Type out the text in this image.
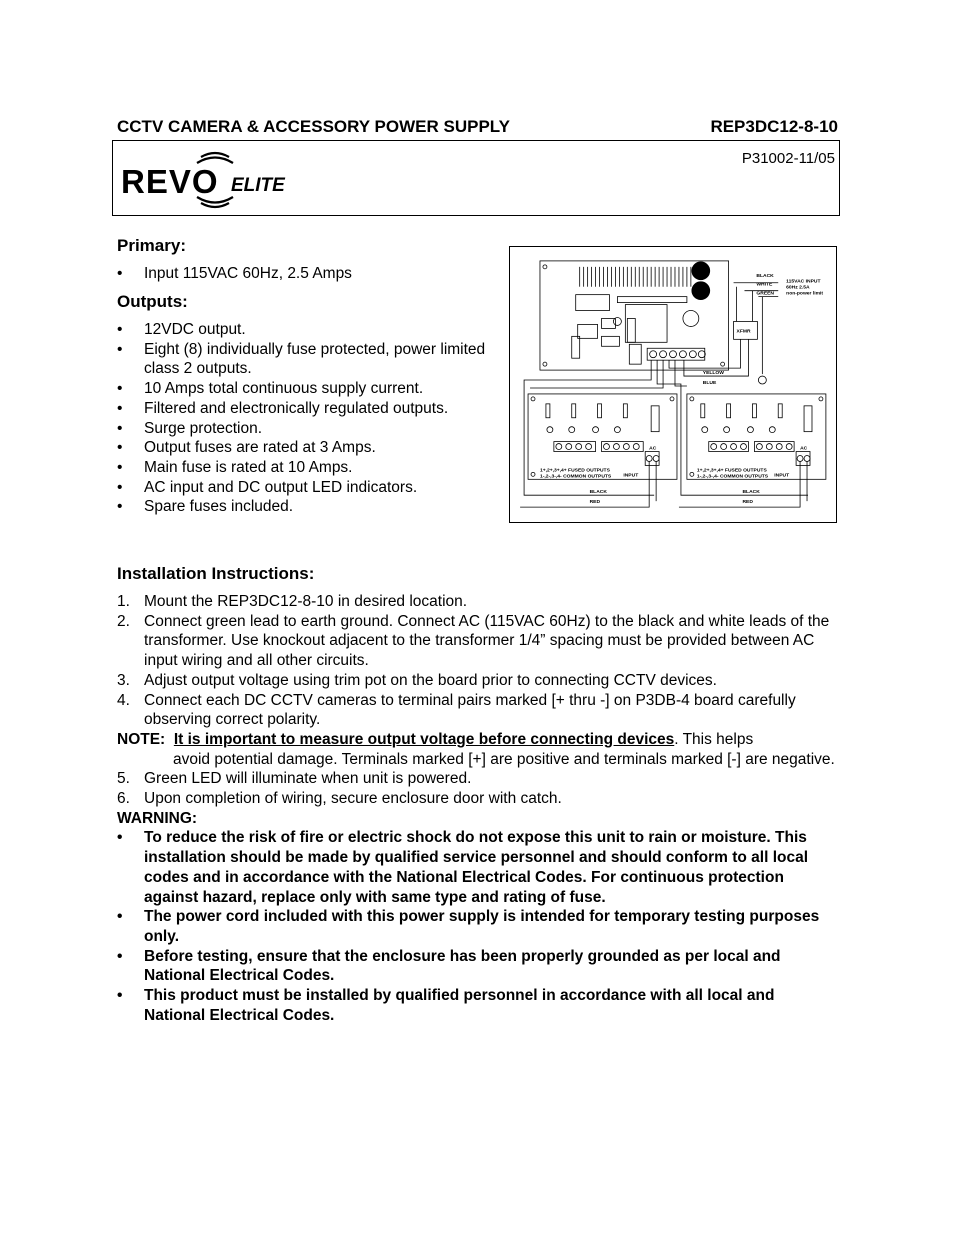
CCTV CAMERA & ACCESSORY POWER SUPPLY	REP3DC12-8-10
P31002-11/05
REVO ELITE
Primary:
• Input 115VAC 60Hz, 2.5 Amps
Outputs:
• 12VDC output.
• Eight (8) individually fuse protected, power limited class 2 outputs.
• 10 Amps total continuous supply current.
• Filtered and electronically regulated outputs.
• Surge protection.
• Output fuses are rated at 3 Amps.
• Main fuse is rated at 10 Amps.
• AC input and DC output LED indicators.
• Spare fuses included.
BLACK
WHITE
GREEN
115VAC INPUT
60Hz 2.5A
non-power limit
XFMR
YELLOW
BLUE
1+,2+,3+,4+ FUSED OUTPUTS
1-,2-,3-,4- COMMON OUTPUTS INPUT
1+,2+,3+,4+ FUSED OUTPUTS
1-,2-,3-,4- COMMON OUTPUTS INPUT
AC	AC
BLACK
RED
BLACK
RED
Installation Instructions:
1. Mount the REP3DC12-8-10 in desired location.
2. Connect green lead to earth ground. Connect AC (115VAC 60Hz) to the black and white leads of the transformer. Use knockout adjacent to the transformer 1/4” spacing must be provided between AC input wiring and all other circuits.
3. Adjust output voltage using trim pot on the board prior to connecting CCTV devices.
4. Connect each DC CCTV cameras to terminal pairs marked [+ thru -] on P3DB-4 board carefully observing correct polarity.
NOTE: It is important to measure output voltage before connecting devices. This helps
avoid potential damage. Terminals marked [+] are positive and terminals marked [-] are negative.
5. Green LED will illuminate when unit is powered.
6. Upon completion of wiring, secure enclosure door with catch.
WARNING:
• To reduce the risk of fire or electric shock do not expose this unit to rain or moisture. This installation should be made by qualified service personnel and should conform to all local codes and in accordance with the National Electrical Codes. For continuous protection against hazard, replace only with same type and rating of fuse.
• The power cord included with this power supply is intended for temporary testing purposes only.
• Before testing, ensure that the enclosure has been properly grounded as per local and National Electrical Codes.
• This product must be installed by qualified personnel in accordance with all local and National Electrical Codes.
